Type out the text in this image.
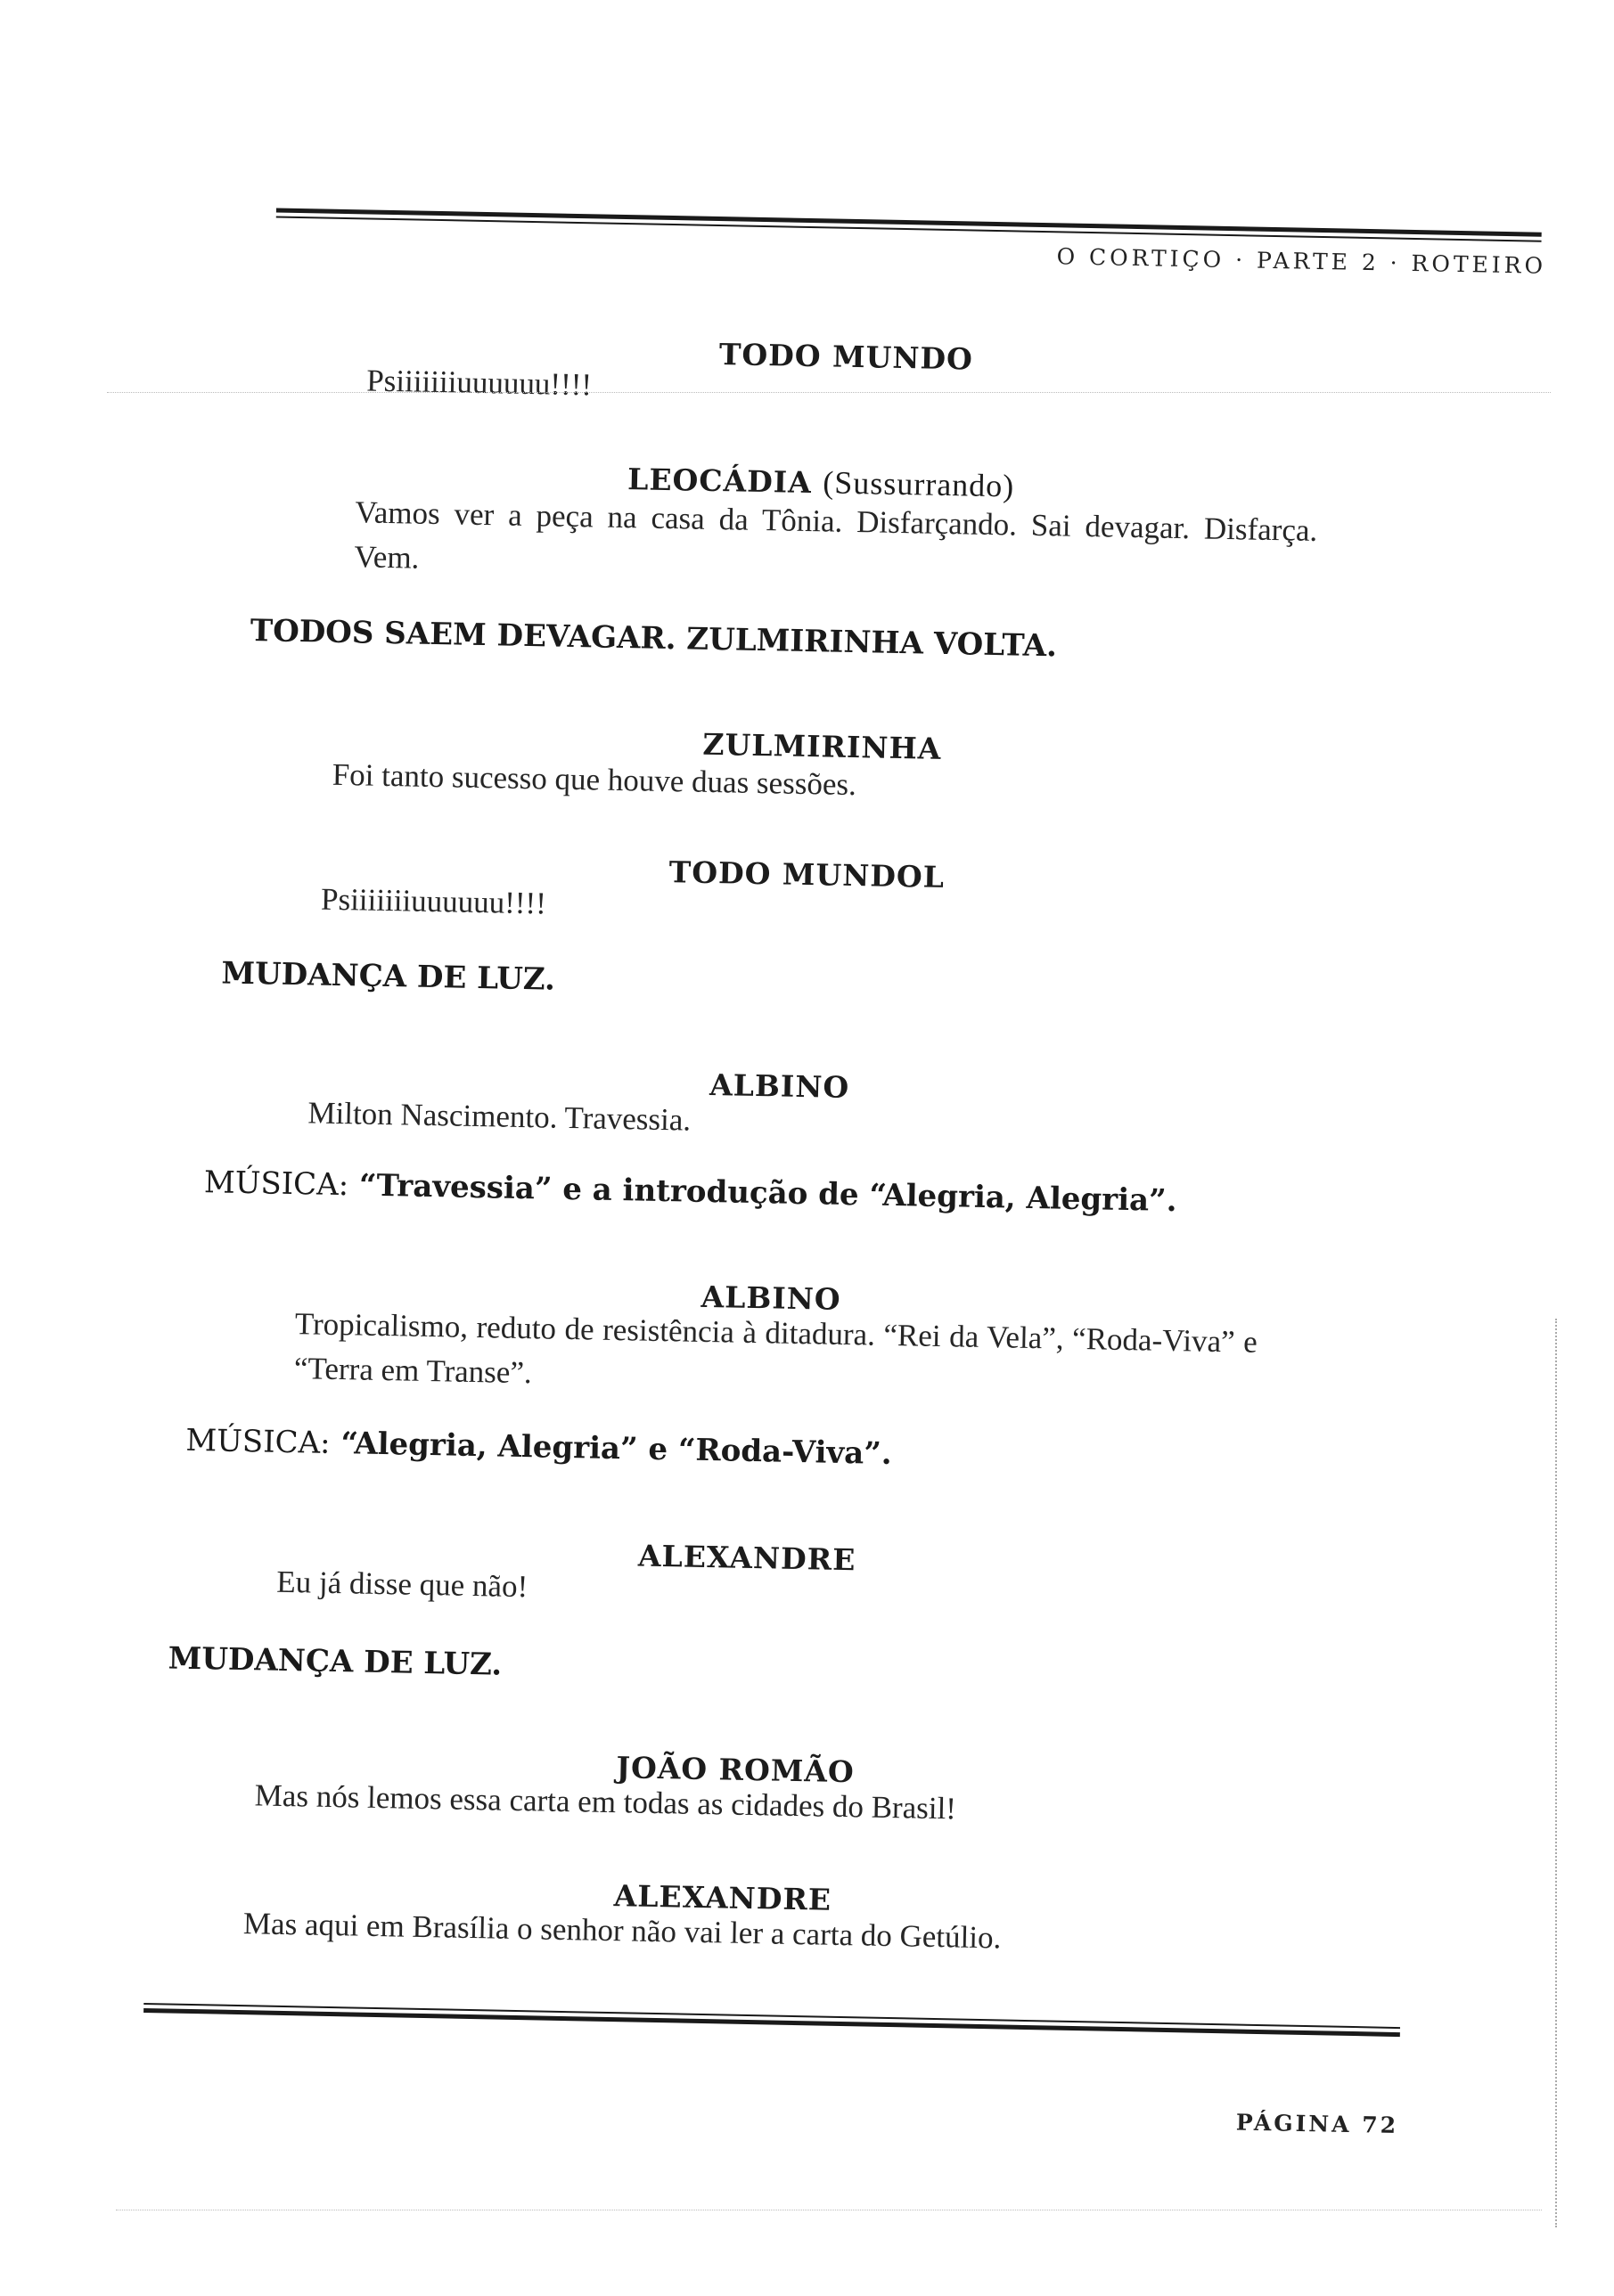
O CORTIÇO · PARTE 2 · ROTEIRO
TODO MUNDO
Psiiiiiiiuuuuuu!!!!
LEOCÁDIA (Sussurrando)
Vamos ver a peça na casa da Tônia. Disfarçando. Sai devagar. Disfarça. Vem.
TODOS SAEM DEVAGAR. ZULMIRINHA VOLTA.
ZULMIRINHA
Foi tanto sucesso que houve duas sessões.
TODO MUNDOL
Psiiiiiiiuuuuuu!!!!
MUDANÇA DE LUZ.
ALBINO
Milton Nascimento. Travessia.
MÚSICA: “Travessia” e a introdução de “Alegria, Alegria”.
ALBINO
Tropicalismo, reduto de resistência à ditadura. “Rei da Vela”, “Roda-Viva” e “Terra em Transe”.
MÚSICA: “Alegria, Alegria” e “Roda-Viva”.
ALEXANDRE
Eu já disse que não!
MUDANÇA DE LUZ.
JOÃO ROMÃO
Mas nós lemos essa carta em todas as cidades do Brasil!
ALEXANDRE
Mas aqui em Brasília o senhor não vai ler a carta do Getúlio.
PÁGINA 72
